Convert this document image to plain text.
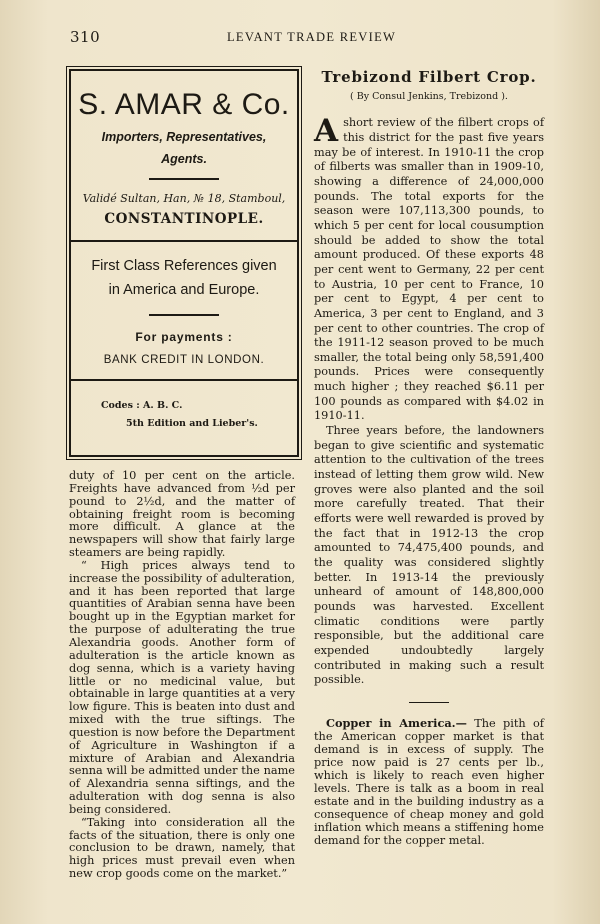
310	LEVANT TRADE REVIEW
S. AMAR & Co.
Importers, Representatives,
Agents.
Validé Sultan, Han, № 18, Stamboul,
CONSTANTINOPLE.
First Class References given
in America and Europe.
For payments :
BANK CREDIT IN LONDON.
Codes : A. B. C.
5th Edition and Lieber's.

duty of 10 per cent on the article. Freights have advanced from ½d per pound to 2½d, and the matter of obtaining freight room is becoming more difficult. A glance at the newspapers will show that fairly large steamers are being rapidly.

“ High prices always tend to increase the possibility of adulteration, and it has been reported that large quantities of Arabian senna have been bought up in the Egyptian market for the purpose of adulterating the true Alexandria goods. Another form of adulteration is the article known as dog senna, which is a variety having little or no medicinal value, but obtainable in large quantities at a very low figure. This is beaten into dust and mixed with the true siftings. The question is now before the Department of Agriculture in Washington if a mixture of Arabian and Alexandria senna will be admitted under the name of Alexandria senna siftings, and the adulteration with dog senna is also being considered.

“Taking into consideration all the facts of the situation, there is only one conclusion to be drawn, namely, that high prices must prevail even when new crop goods come on the market.”

Trebizond Filbert Crop.
( By Consul Jenkins, Trebizond ).

Ashort review of the filbert crops of this district for the past five years may be of interest. In 1910-11 the crop of filberts was smaller than in 1909-10, showing a difference of 24,000,000 pounds. The total exports for the season were 107,113,300 pounds, to which 5 per cent for local cousumption should be added to show the total amount produced. Of these exports 48 per cent went to Germany, 22 per cent to Austria, 10 per cent to France, 10 per cent to Egypt, 4 per cent to America, 3 per cent to England, and 3 per cent to other countries. The crop of the 1911-12 season proved to be much smaller, the total being only 58,591,400 pounds. Prices were consequently much higher ; they reached $6.11 per 100 pounds as compared with $4.02 in 1910-11.

Three years before, the landowners began to give scientific and systematic attention to the cultivation of the trees instead of letting them grow wild. New groves were also planted and the soil more carefully treated. That their efforts were well rewarded is proved by the fact that in 1912-13 the crop amounted to 74,475,400 pounds, and the quality was considered slightly better. In 1913-14 the previously unheard of amount of 148,800,000 pounds was harvested. Excellent climatic conditions were partly responsible, but the additional care expended undoubtedly largely contributed in making such a result possible.

Copper in America.— The pith of the American copper market is that demand is in excess of supply. The price now paid is 27 cents per lb., which is likely to reach even higher levels. There is talk as a boom in real estate and in the building industry as a consequence of cheap money and gold inflation which means a stiffening home demand for the copper metal.
